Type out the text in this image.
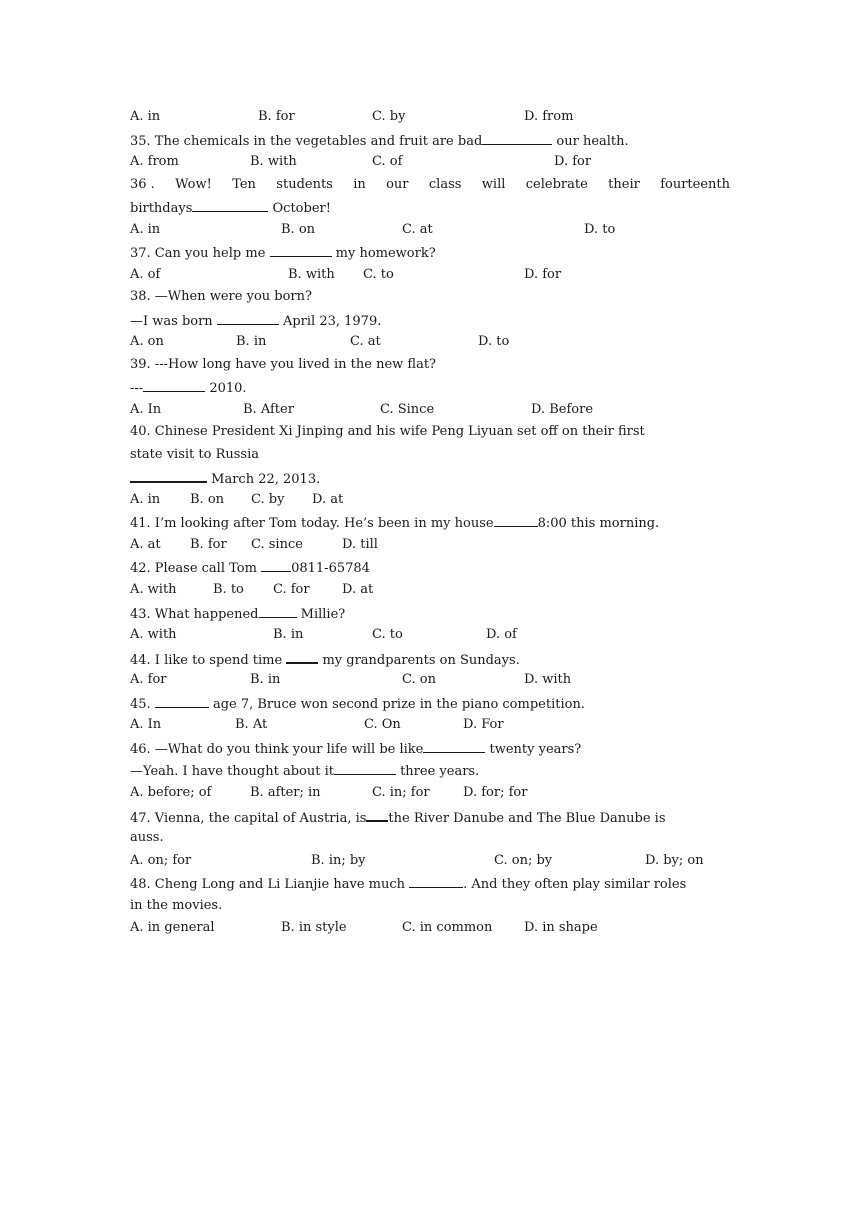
A. in	B. for	C. by	D. from
35. The chemicals in the vegetables and fruit are bad	our health.
A. from	B. with	C. of	D. for
36 . Wow! Ten students in our class will celebrate their fourteenth
birthdays	October!
A. in	B. on	C. at	D. to
37. Can you help me	my homework?
A. of	B. with C. to	D. for
38. —When were you born?
—I was born	April 23, 1979.
A. on	B. in	C. at	D. to
39. ---How long have you lived in the new flat?
---	2010.
A. In	B. After	C. Since	D. Before
40. Chinese President Xi Jinping and his wife Peng Liyuan set off on their first
state visit to Russia
March 22, 2013.
A. in B. on C. by D. at
41. I’m looking after Tom today. He’s been in my house	8:00 this morning.
A. at B. for C. since	D. till
42. Please call Tom 0811-65784
A. with	B. to C. for D. at
43. What happened	Millie?
A. with	B. in	C. to	D. of
44. I like to spend time  my grandparents on Sundays.
A. for	B. in	C. on	D. with
45.	age 7, Bruce won second prize in the piano competition.
A. In	B. At	C. On	D. For
46. —What do you think your life will be like	twenty years?
—Yeah. I have thought about it	three years.
A. before; of	B. after; in	C. in; for	D. for; for
47. Vienna, the capital of Austria, is the River Danube and The Blue Danube is
auss.
A. on; for	B. in; by	C. on; by	D. by; on
48. Cheng Long and Li Lianjie have much	. And they often play similar roles
in the movies.
A. in general	B. in style	C. in common D. in shape
